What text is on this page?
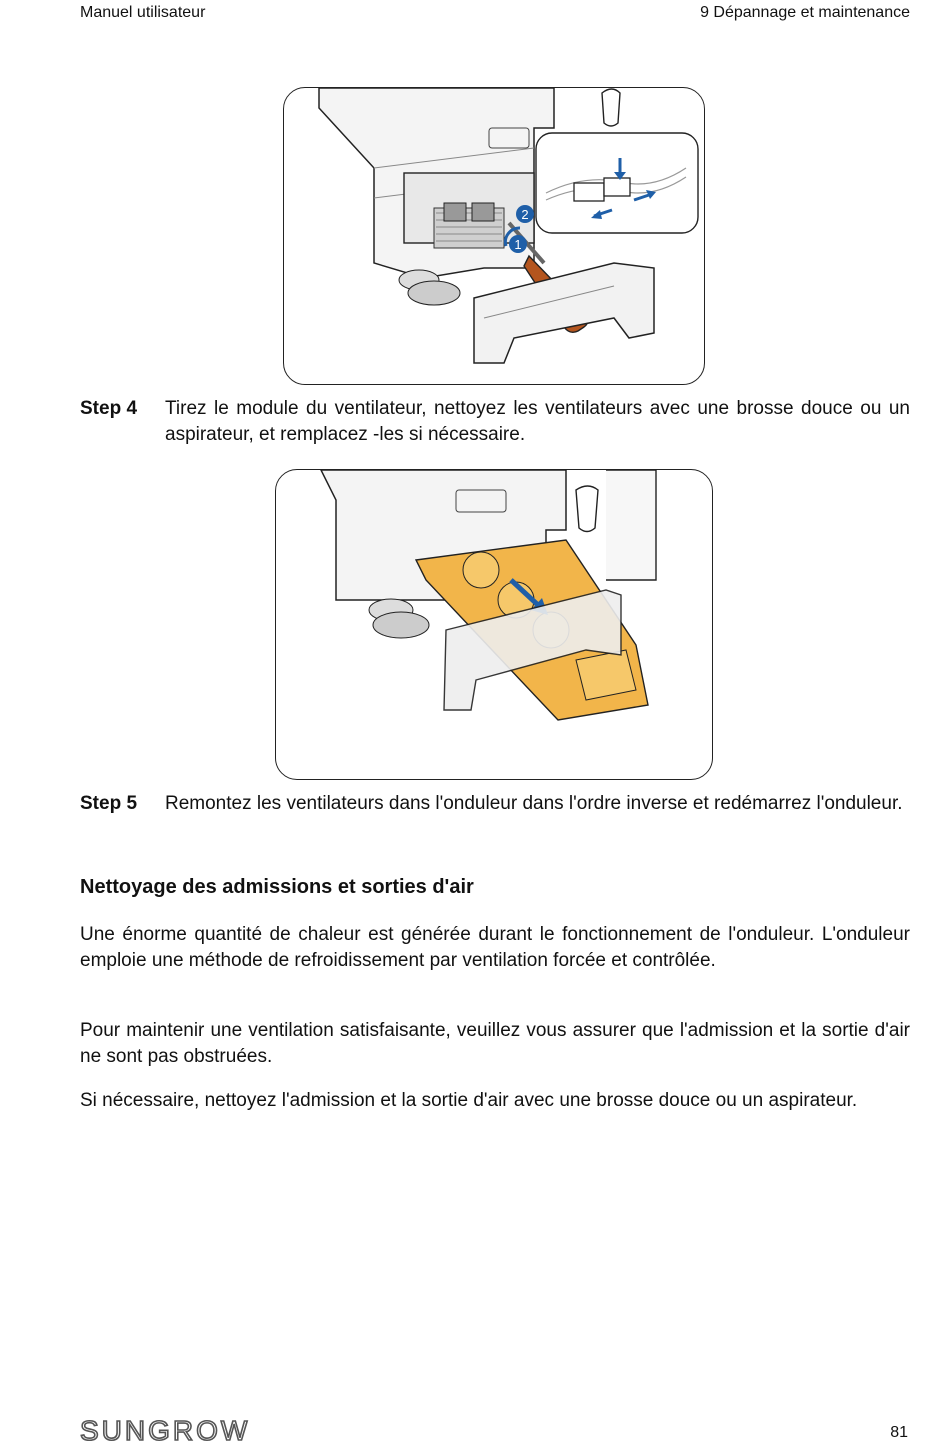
Manuel utilisateur	9 Dépannage et maintenance
2
1
Step 4	Tirez le module du ventilateur, nettoyez les ventilateurs avec une brosse douce ou un aspirateur, et remplacez -les si nécessaire.
Step 5	Remontez les ventilateurs dans l'onduleur dans l'ordre inverse et redémarrez l'onduleur.
Nettoyage des admissions et sorties d'air

Une énorme quantité de chaleur est générée durant le fonctionnement de l'onduleur. L'onduleur emploie une méthode de refroidissement par ventilation forcée et contrôlée.

Pour maintenir une ventilation satisfaisante, veuillez vous assurer que l'admission et la sortie d'air ne sont pas obstruées.

Si nécessaire, nettoyez l'admission et la sortie d'air avec une brosse douce ou un aspirateur.

SUNGROW	81
